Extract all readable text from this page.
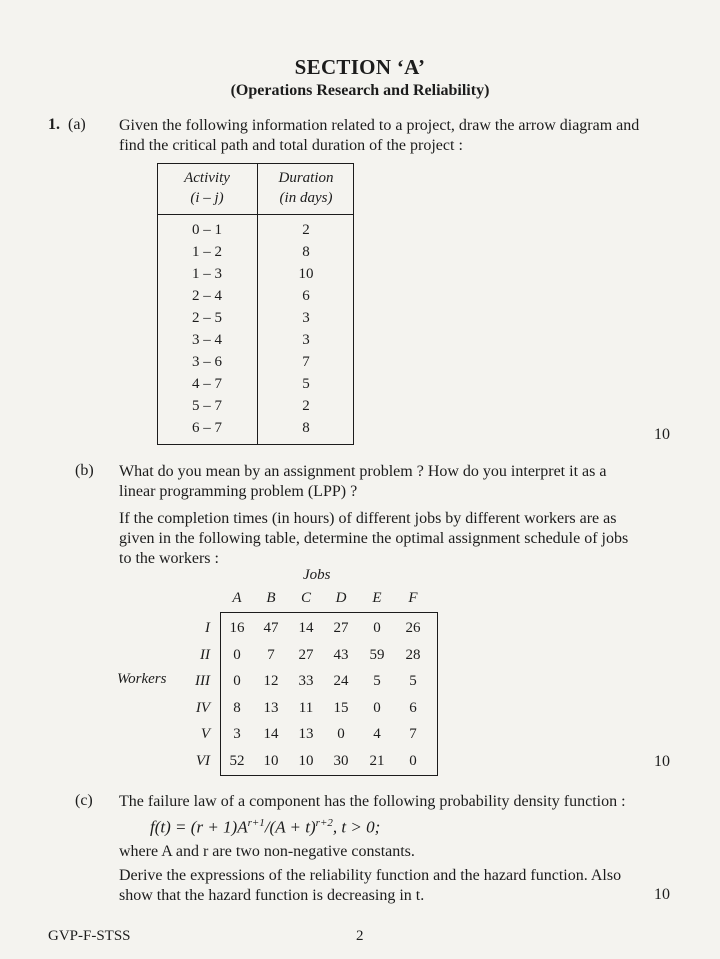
SECTION ‘A’
(Operations Research and Reliability)
1. (a) Given the following information related to a project, draw the arrow diagram and
find the critical path and total duration of the project :
Activity
(i – j)
Duration
(in days)
0 – 1	2
1 – 2	8
1 – 3	10
2 – 4	6
2 – 5	3
3 – 4	3
3 – 6	7
4 – 7	5
5 – 7	2
6 – 7	8	10
(b) What do you mean by an assignment problem ? How do you interpret it as a
linear programming problem (LPP) ?
If the completion times (in hours) of different jobs by different workers are as
given in the following table, determine the optimal assignment schedule of jobs
to the workers :
Jobs
A	B	C	D	E	F
Workers
I	16	47	14	27	0	26
II	0	7	27	43	59	28
III	0	12	33	24	5	5
IV	8	13	11	15	0	6
V	3	14	13	0	4	7
VI	52	10	10	30	21	0	10
(c) The failure law of a component has the following probability density function :
$f(t) = (r + 1)A^{r+1}/(A + t)^{r+2}$, t > 0;
where A and r are two non-negative constants.
Derive the expressions of the reliability function and the hazard function. Also
show that the hazard function is decreasing in t.	10
GVP-F-STSS	2
